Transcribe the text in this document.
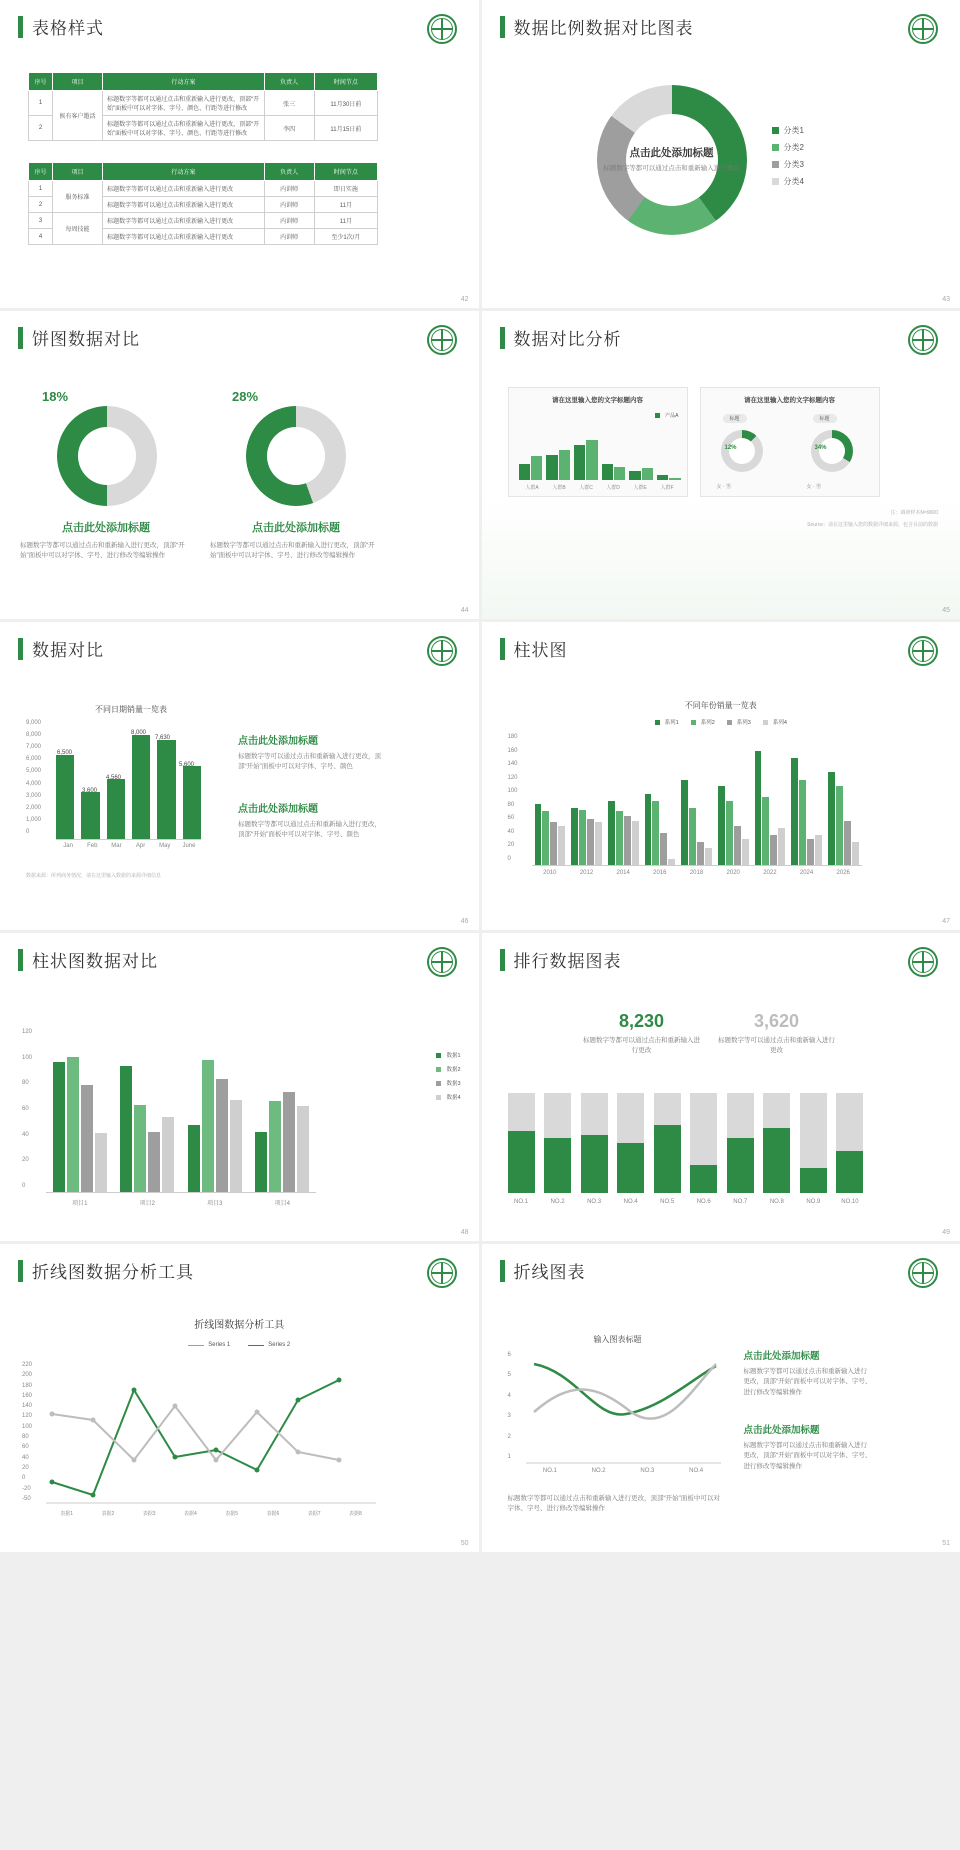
表格样式
序号	项目	行动方案	负责人	时间节点
1	候有客户邀活	标题数字等都可以通过点击和重新输入进行更改，顶部“开始”面板中可以对字体、字号、颜色、行距等进行修改	张三	11月30日前
2		标题数字等都可以通过点击和重新输入进行更改，顶部“开始”面板中可以对字体、字号、颜色、行距等进行修改	李四	11月15日前
序号	项目	行动方案	负责人	时间节点
1	服务标准	标题数字等都可以通过点击和重新输入进行更改	内训师	即日实施
2		标题数字等都可以通过点击和重新输入进行更改	内训师	11月
3	每周技能	标题数字等都可以通过点击和重新输入进行更改	内训师	11月
4		标题数字等都可以通过点击和重新输入进行更改	内训师	至少1次/月
42
数据比例数据对比图表
点击此处添加标题
标题数字等都可以通过点击和重新输入进行更改
分类1
分类2
分类3
分类4
43
饼图数据对比
18%	28%
点击此处添加标题
标题数字等都可以通过点击和重新输入进行更改，顶部“开始”面板中可以对字体、字号、进行修改等编辑操作
点击此处添加标题
标题数字等都可以通过点击和重新输入进行更改，顶部“开始”面板中可以对字体、字号、进行修改等编辑操作
44
数据对比分析
请在这里输入您的文字标题内容
产品A
人群A	人群B	人群C	人群D	人群E	人群F
请在这里输入您的文字标题内容
标题	标题
12%	34%
女 · 男	女 · 男
注：调研样本N=9000
Source：请在这里输入您的数据详细来源，包含目前的数据
45
数据对比
不同日期销量一览表
9,000
8,000
7,000
6,000
5,000
4,000
3,000
2,000
1,000
0
6,500
3,600
4,560
8,000
7,630
5,600
Jan	Feb	Mar	Apr	May	June
数据来源：所列商务情况，请在这里输入数据的来源详细信息
点击此处添加标题
标题数字等可以通过点击和重新输入进行更改，顶部“开始”面板中可以对字体、字号、颜色
点击此处添加标题
标题数字等都可以通过点击和重新输入进行更改，顶部“开始”面板中可以对字体、字号、颜色
46
柱状图
不同年份销量一览表
系列1	系列2	系列3	系列4
180
160
140
120
100
80
60
40
20
0
2010	2012	2014	2016	2018	2020	2022	2024	2026
47
柱状图数据对比
120
100
80
60
40
20
0
项目1	项目2	项目3	项目4
数据1
数据2
数据3
数据4
48
排行数据图表
8,230
标题数字等都可以通过点击和重新输入进行更改
3,620
标题数字等可以通过点击和重新输入进行更改
NO.1	NO.2	NO.3	NO.4	NO.5	NO.6	NO.7	NO.8	NO.9	NO.10
49
折线图数据分析工具
折线图数据分析工具
Series 1	Series 2
220
200
180
160
140
120
100
80
60
40
20
0
-20
-50
表据1	表据2	表据3	表据4	表据5	表据6	表据7	表据8
50
折线图表
输入图表标题
6
5
4
3
2
1
NO.1	NO.2	NO.3	NO.4
标题数字等都可以通过点击和重新输入进行更改，顶部“开始”面板中可以对字体、字号、进行修改等编辑操作
点击此处添加标题
标题数字等都可以通过点击和重新输入进行更改，顶部“开始”面板中可以对字体、字号、进行修改等编辑操作
点击此处添加标题
标题数字等都可以通过点击和重新输入进行更改，顶部“开始”面板中可以对字体、字号、进行修改等编辑操作
51
